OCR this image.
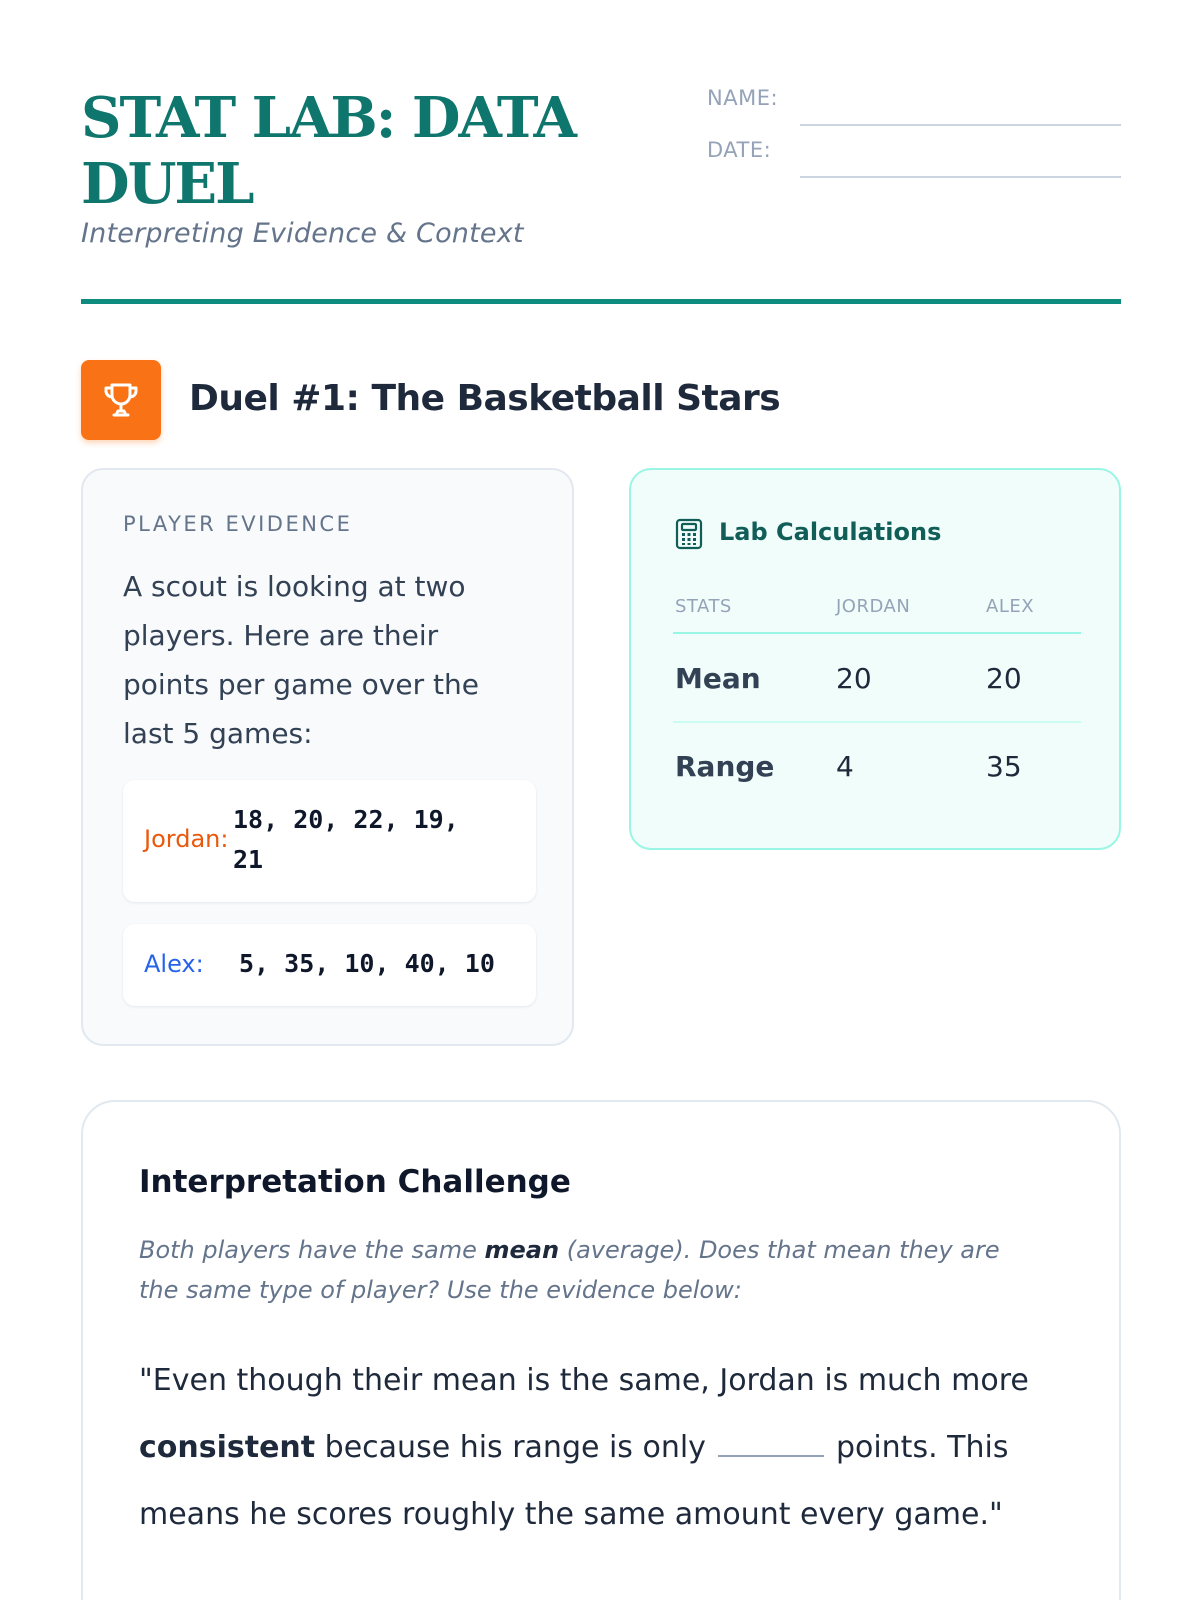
STAT LAB: DATA DUEL
Interpreting Evidence & Context
NAME:
DATE:
Duel #1: The Basketball Stars
PLAYER EVIDENCE
A scout is looking at two players. Here are their points per game over the last 5 games:
Jordan:
18, 20, 22, 19, 21
Alex: 5, 35, 10, 40, 10
Lab Calculations
STATS	JORDAN	ALEX
Mean	20	20
Range 4	35
Interpretation Challenge

Both players have the same mean (average). Does that mean they are the same type of player? Use the evidence below:

"Even though their mean is the same, Jordan is much more consistent because his range is only	points. This means he scores roughly the same amount every game."
